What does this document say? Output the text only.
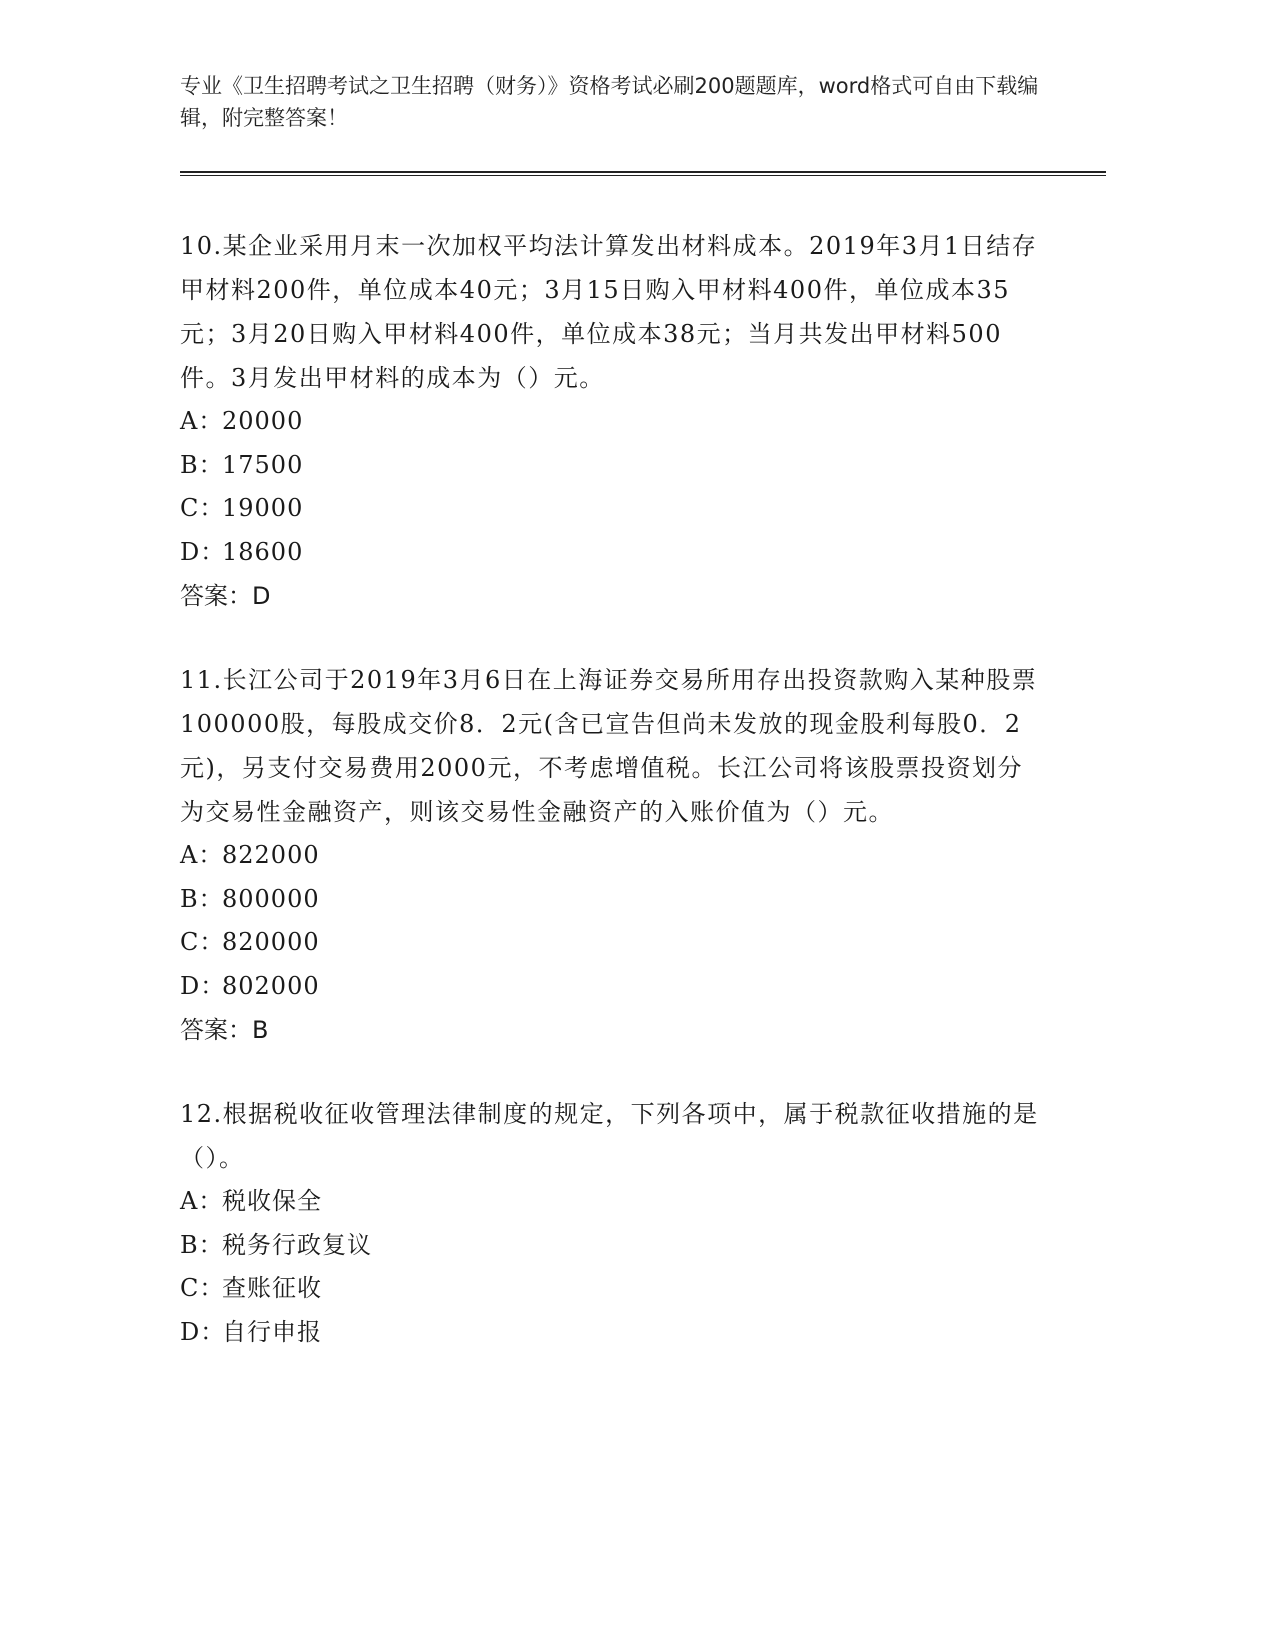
专业《卫生招聘考试之卫生招聘（财务）》资格考试必刷200题题库，word格式可自由下载编辑，附完整答案！
10.某企业采用月末一次加权平均法计算发出材料成本。2019年3月1日结存甲材料200件，单位成本40元；3月15日购入甲材料400件，单位成本35元；3月20日购入甲材料400件，单位成本38元；当月共发出甲材料500件。3月发出甲材料的成本为（）元。
A：20000
B：17500
C：19000
D：18600
答案：D
11.长江公司于2019年3月6日在上海证券交易所用存出投资款购入某种股票100000股，每股成交价8．2元(含已宣告但尚未发放的现金股利每股0．2元)，另支付交易费用2000元，不考虑增值税。长江公司将该股票投资划分为交易性金融资产，则该交易性金融资产的入账价值为（）元。
A：822000
B：800000
C：820000
D：802000
答案：B
12.根据税收征收管理法律制度的规定，下列各项中，属于税款征收措施的是（）。
A：税收保全
B：税务行政复议
C：查账征收
D：自行申报
